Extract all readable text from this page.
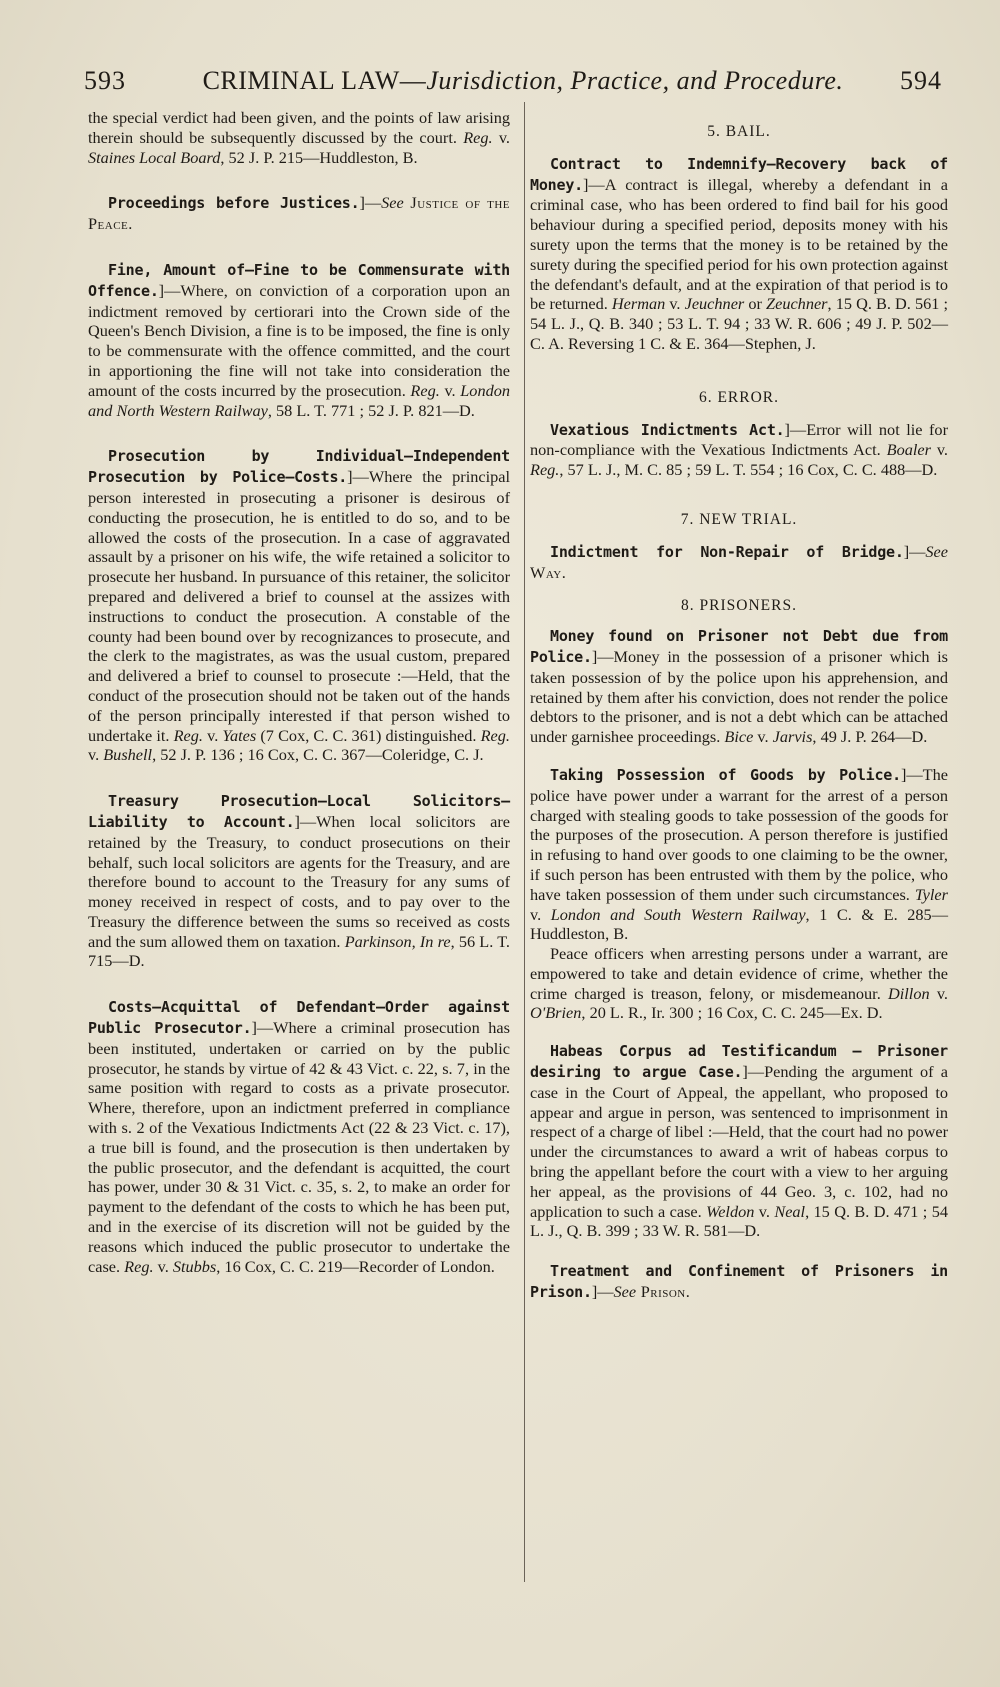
593	CRIMINAL LAW—Jurisdiction, Practice, and Procedure.	594

the special verdict had been given, and the points of law arising therein should be subsequently discussed by the court. Reg. v. Staines Local Board, 52 J. P. 215—Huddleston, B.

Proceedings before Justices.]—See Justice of the Peace.

Fine, Amount of—Fine to be Commensurate with Offence.]—Where, on conviction of a corporation upon an indictment removed by certiorari into the Crown side of the Queen's Bench Division, a fine is to be imposed, the fine is only to be commensurate with the offence committed, and the court in apportioning the fine will not take into consideration the amount of the costs incurred by the prosecution. Reg. v. London and North Western Railway, 58 L. T. 771 ; 52 J. P. 821—D.

Prosecution by Individual—Independent Prosecution by Police—Costs.]—Where the principal person interested in prosecuting a prisoner is desirous of conducting the prosecution, he is entitled to do so, and to be allowed the costs of the prosecution. In a case of aggravated assault by a prisoner on his wife, the wife retained a solicitor to prosecute her husband. In pursuance of this retainer, the solicitor prepared and delivered a brief to counsel at the assizes with instructions to conduct the prosecution. A constable of the county had been bound over by recognizances to prosecute, and the clerk to the magistrates, as was the usual custom, prepared and delivered a brief to counsel to prosecute :—Held, that the conduct of the prosecution should not be taken out of the hands of the person principally interested if that person wished to undertake it. Reg. v. Yates (7 Cox, C. C. 361) distinguished. Reg. v. Bushell, 52 J. P. 136 ; 16 Cox, C. C. 367—Coleridge, C. J.

Treasury Prosecution—Local Solicitors—Liability to Account.]—When local solicitors are retained by the Treasury, to conduct prosecutions on their behalf, such local solicitors are agents for the Treasury, and are therefore bound to account to the Treasury for any sums of money received in respect of costs, and to pay over to the Treasury the difference between the sums so received as costs and the sum allowed them on taxation. Parkinson, In re, 56 L. T. 715—D.

Costs—Acquittal of Defendant—Order against Public Prosecutor.]—Where a criminal prosecution has been instituted, undertaken or carried on by the public prosecutor, he stands by virtue of 42 & 43 Vict. c. 22, s. 7, in the same position with regard to costs as a private prosecutor. Where, therefore, upon an indictment preferred in compliance with s. 2 of the Vexatious Indictments Act (22 & 23 Vict. c. 17), a true bill is found, and the prosecution is then undertaken by the public prosecutor, and the defendant is acquitted, the court has power, under 30 & 31 Vict. c. 35, s. 2, to make an order for payment to the defendant of the costs to which he has been put, and in the exercise of its discretion will not be guided by the reasons which induced the public prosecutor to undertake the case. Reg. v. Stubbs, 16 Cox, C. C. 219—Recorder of London.

5. BAIL.

Contract to Indemnify—Recovery back of Money.]—A contract is illegal, whereby a defendant in a criminal case, who has been ordered to find bail for his good behaviour during a specified period, deposits money with his surety upon the terms that the money is to be retained by the surety during the specified period for his own protection against the defendant's default, and at the expiration of that period is to be returned. Herman v. Jeuchner or Zeuchner, 15 Q. B. D. 561 ; 54 L. J., Q. B. 340 ; 53 L. T. 94 ; 33 W. R. 606 ; 49 J. P. 502—C. A. Reversing 1 C. & E. 364—Stephen, J.

6. ERROR.

Vexatious Indictments Act.]—Error will not lie for non-compliance with the Vexatious Indictments Act. Boaler v. Reg., 57 L. J., M. C. 85 ; 59 L. T. 554 ; 16 Cox, C. C. 488—D.

7. NEW TRIAL.

Indictment for Non-Repair of Bridge.]—See Way.

8. PRISONERS.

Money found on Prisoner not Debt due from Police.]—Money in the possession of a prisoner which is taken possession of by the police upon his apprehension, and retained by them after his conviction, does not render the police debtors to the prisoner, and is not a debt which can be attached under garnishee proceedings. Bice v. Jarvis, 49 J. P. 264—D.

Taking Possession of Goods by Police.]—The police have power under a warrant for the arrest of a person charged with stealing goods to take possession of the goods for the purposes of the prosecution. A person therefore is justified in refusing to hand over goods to one claiming to be the owner, if such person has been entrusted with them by the police, who have taken possession of them under such circumstances. Tyler v. London and South Western Railway, 1 C. & E. 285—Huddleston, B.

Peace officers when arresting persons under a warrant, are empowered to take and detain evidence of crime, whether the crime charged is treason, felony, or misdemeanour. Dillon v. O'Brien, 20 L. R., Ir. 300 ; 16 Cox, C. C. 245—Ex. D.

Habeas Corpus ad Testificandum — Prisoner desiring to argue Case.]—Pending the argument of a case in the Court of Appeal, the appellant, who proposed to appear and argue in person, was sentenced to imprisonment in respect of a charge of libel :—Held, that the court had no power under the circumstances to award a writ of habeas corpus to bring the appellant before the court with a view to her arguing her appeal, as the provisions of 44 Geo. 3, c. 102, had no application to such a case. Weldon v. Neal, 15 Q. B. D. 471 ; 54 L. J., Q. B. 399 ; 33 W. R. 581—D.

Treatment and Confinement of Prisoners in Prison.]—See Prison.
